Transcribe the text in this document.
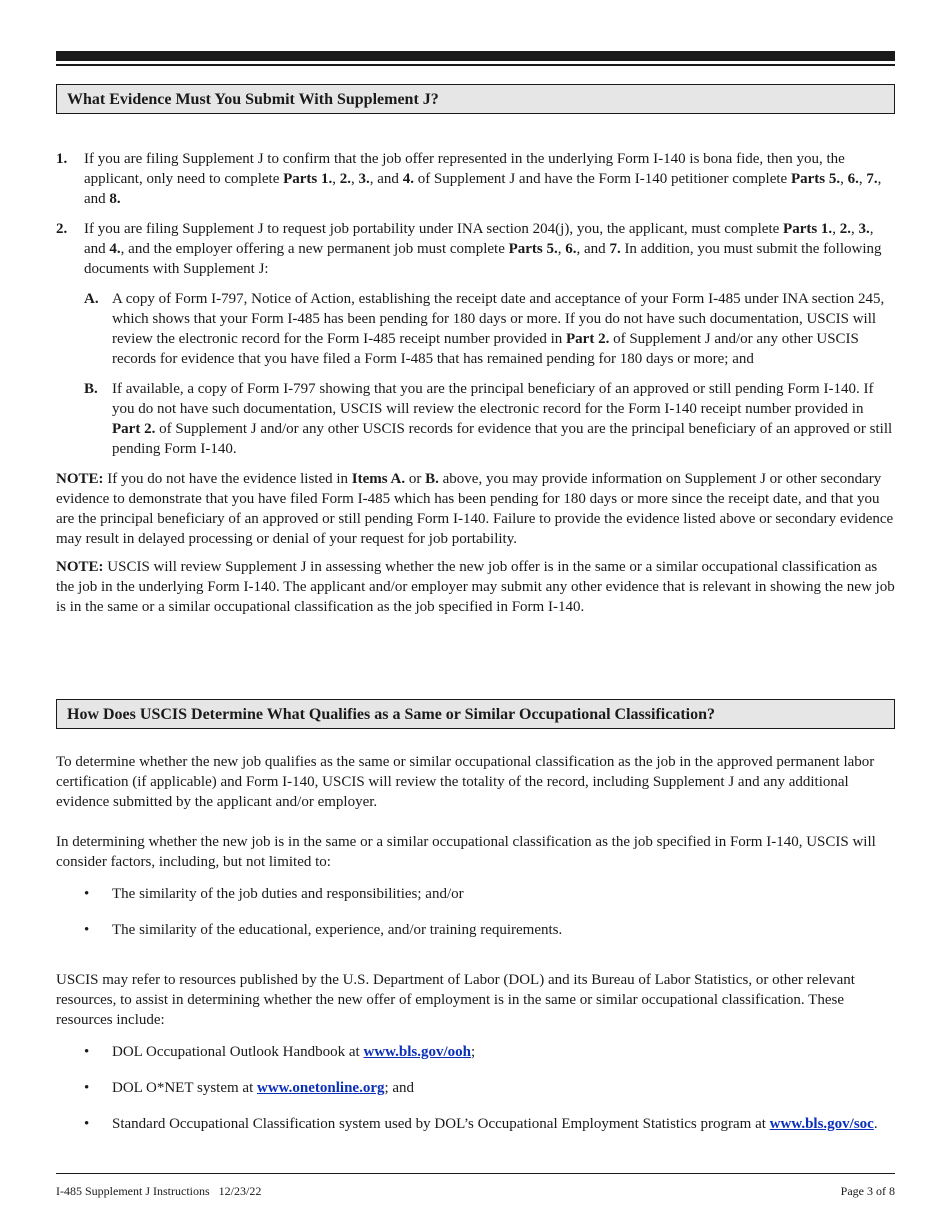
What Evidence Must You Submit With Supplement J?

1. If you are filing Supplement J to confirm that the job offer represented in the underlying Form I-140 is bona fide, then you, the applicant, only need to complete Parts 1., 2., 3., and 4. of Supplement J and have the Form I-140 petitioner complete Parts 5., 6., 7., and 8.

2. If you are filing Supplement J to request job portability under INA section 204(j), you, the applicant, must complete Parts 1., 2., 3., and 4., and the employer offering a new permanent job must complete Parts 5., 6., and 7. In addition, you must submit the following documents with Supplement J:

A. A copy of Form I-797, Notice of Action, establishing the receipt date and acceptance of your Form I-485 under INA section 245, which shows that your Form I-485 has been pending for 180 days or more. If you do not have such documentation, USCIS will review the electronic record for the Form I-485 receipt number provided in Part 2. of Supplement J and/or any other USCIS records for evidence that you have filed a Form I-485 that has remained pending for 180 days or more; and

B. If available, a copy of Form I-797 showing that you are the principal beneficiary of an approved or still pending Form I-140. If you do not have such documentation, USCIS will review the electronic record for the Form I-140 receipt number provided in Part 2. of Supplement J and/or any other USCIS records for evidence that you are the principal beneficiary of an approved or still pending Form I-140.

NOTE: If you do not have the evidence listed in Items A. or B. above, you may provide information on Supplement J or other secondary evidence to demonstrate that you have filed Form I-485 which has been pending for 180 days or more since the receipt date, and that you are the principal beneficiary of an approved or still pending Form I-140. Failure to provide the evidence listed above or secondary evidence may result in delayed processing or denial of your request for job portability.

NOTE: USCIS will review Supplement J in assessing whether the new job offer is in the same or a similar occupational classification as the job in the underlying Form I-140. The applicant and/or employer may submit any other evidence that is relevant in showing the new job is in the same or a similar occupational classification as the job specified in Form I-140.

How Does USCIS Determine What Qualifies as a Same or Similar Occupational Classification?

To determine whether the new job qualifies as the same or similar occupational classification as the job in the approved permanent labor certification (if applicable) and Form I-140, USCIS will review the totality of the record, including Supplement J and any additional evidence submitted by the applicant and/or employer.

In determining whether the new job is in the same or a similar occupational classification as the job specified in Form I-140, USCIS will consider factors, including, but not limited to:

• The similarity of the job duties and responsibilities; and/or

• The similarity of the educational, experience, and/or training requirements.

USCIS may refer to resources published by the U.S. Department of Labor (DOL) and its Bureau of Labor Statistics, or other relevant resources, to assist in determining whether the new offer of employment is in the same or similar occupational classification. These resources include:

• DOL Occupational Outlook Handbook at www.bls.gov/ooh;

• DOL O*NET system at www.onetonline.org; and

• Standard Occupational Classification system used by DOL’s Occupational Employment Statistics program at www.bls.gov/soc.

I-485 Supplement J Instructions   12/23/22	Page 3 of 8
